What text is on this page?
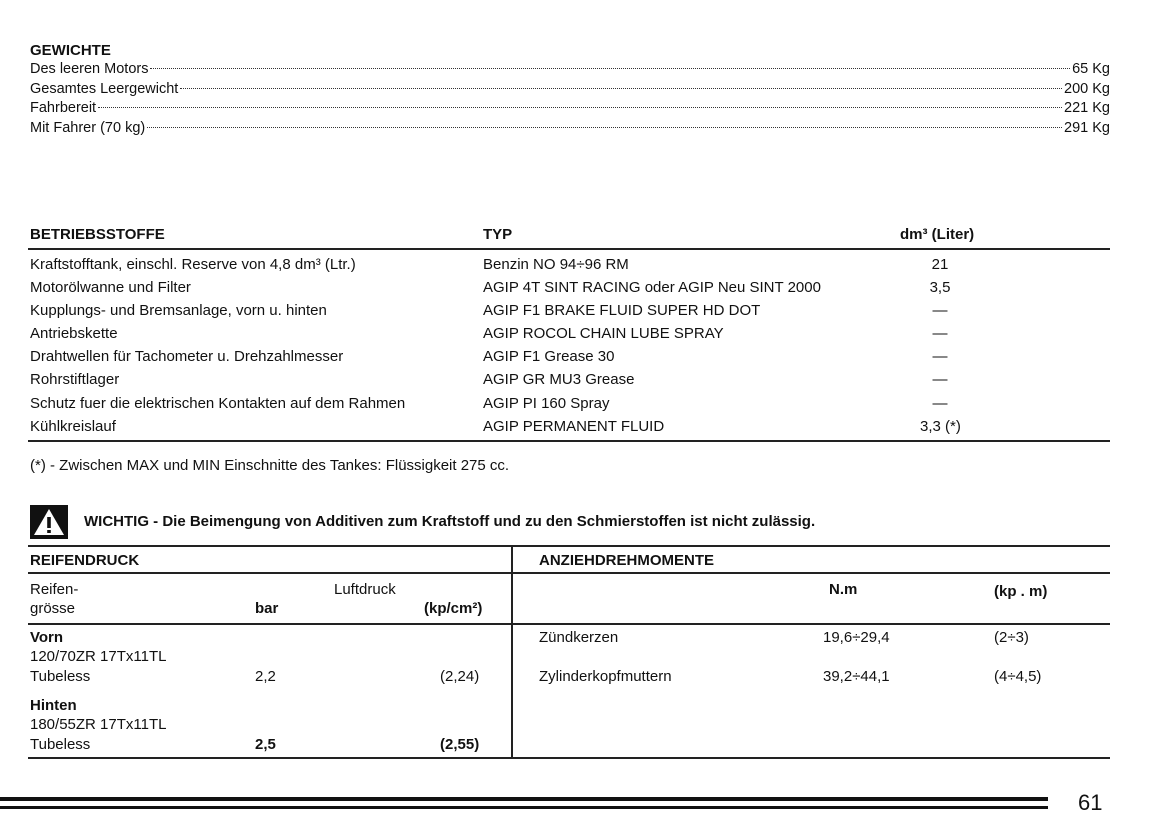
GEWICHTE
Des leeren Motors	65 Kg
Gesamtes Leergewicht	200 Kg
Fahrbereit	221 Kg
Mit Fahrer (70 kg)	291 Kg
BETRIEBSSTOFFE	TYP	dm³ (Liter)
Kraftstofftank, einschl. Reserve von 4,8 dm³ (Ltr.)	Benzin NO 94÷96 RM	21
Motorölwanne und Filter	AGIP 4T SINT RACING oder AGIP Neu SINT 2000	3,5
Kupplungs- und Bremsanlage, vorn u. hinten	AGIP F1 BRAKE FLUID SUPER HD DOT	—
Antriebskette	AGIP ROCOL CHAIN LUBE SPRAY	—
Drahtwellen für Tachometer u. Drehzahlmesser	AGIP F1 Grease 30	—
Rohrstiftlager	AGIP GR MU3 Grease	—
Schutz fuer die elektrischen Kontakten auf dem Rahmen	AGIP PI 160 Spray	—
Kühlkreislauf	AGIP PERMANENT FLUID	3,3 (*)
(*) - Zwischen MAX und MIN Einschnitte des Tankes: Flüssigkeit 275 cc.
WICHTIG - Die Beimengung von Additiven zum Kraftstoff und zu den Schmierstoffen ist nicht zulässig.
REIFENDRUCK
Reifen-
grösse
Luftdruck
bar	(kp/cm²)
Vorn
120/70ZR 17Tx11TL
Tubeless	2,2	(2,24)
Hinten
180/55ZR 17Tx11TL
Tubeless	2,5	(2,55)
ANZIEHDREHMOMENTE
N.m	(kp . m)
Zündkerzen	19,6÷29,4	(2÷3)
Zylinderkopfmuttern	39,2÷44,1	(4÷4,5)
61
